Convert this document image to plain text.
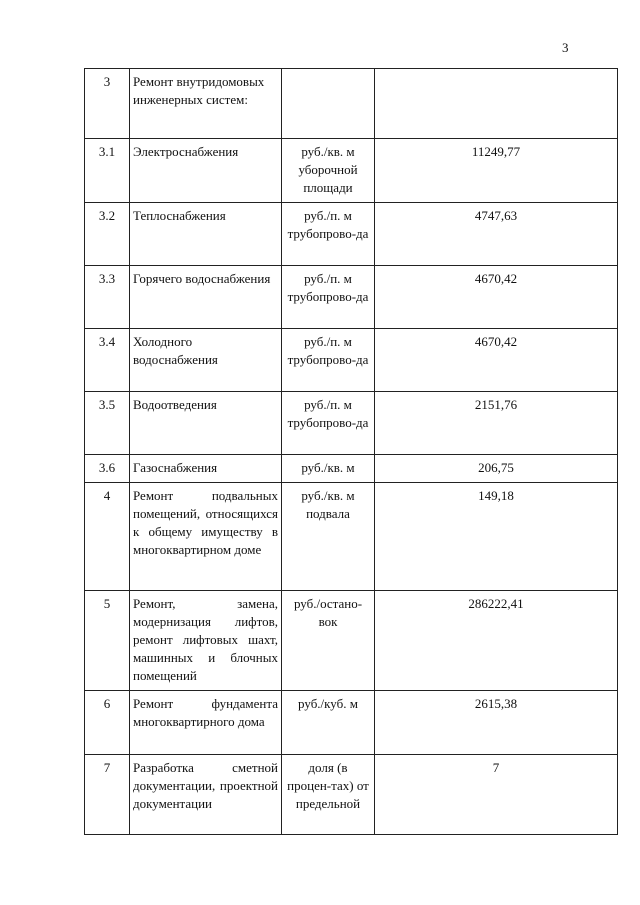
3
3	Ремонт внутридомовых инженерных систем:		
3.1	Электроснабжения	руб./кв. м уборочной площади	11249,77
3.2	Теплоснабжения	руб./п. м трубопрово-да	4747,63
3.3	Горячего водоснабжения	руб./п. м трубопрово-да	4670,42
3.4	Холодного водоснабжения	руб./п. м трубопрово-да	4670,42
3.5	Водоотведения	руб./п. м трубопрово-да	2151,76
3.6	Газоснабжения	руб./кв. м	206,75
4	Ремонт подвальных помещений, относящихся к общему имуществу в многоквартирном доме	руб./кв. м подвала	149,18
5	Ремонт, замена, модернизация лифтов, ремонт лифтовых шахт, машинных и блочных помещений	руб./остано-вок	286222,41
6	Ремонт фундамента многоквартирного дома	руб./куб. м	2615,38
7	Разработка сметной документации, проектной документации	доля (в процен-тах) от предельной	7
